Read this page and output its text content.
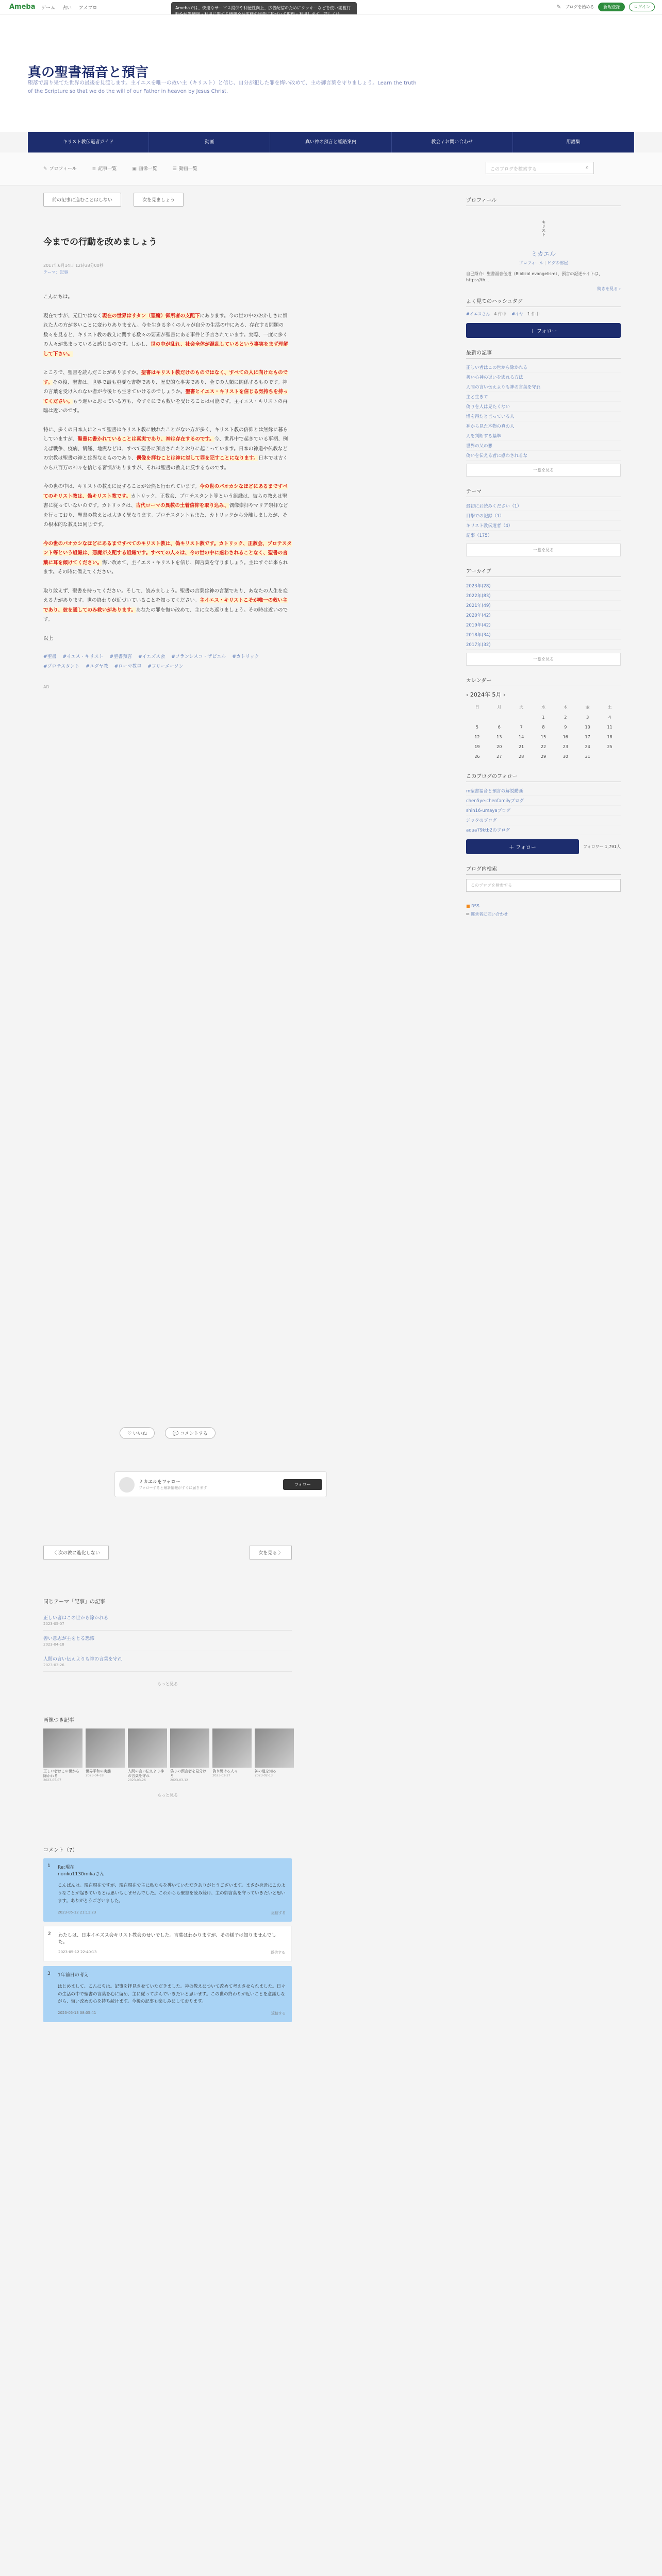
Ameba ゲーム 占い アメブロ	Amebaでは、快適なサービス提供や利便性向上、広告配信のためにクッキーなどを使い閲覧行	✎ ブログを始める	新規登録	ログイン
真の聖書福音と預言
堕落で腐り果てた世界の最後を見渡します。主イエスを唯一の救い主（キリスト）と信じ、自分が犯した罪を悔い改めて、主の御言葉を守りましょう。Learn the truth of the Scripture so that we do the will of our Father in heaven by Jesus Christ.
キリスト教伝道者ガイド	動画	真い神の預言と経路案内	教会 / お問い合わせ	用語集
✎ プロフィール	≡ 記事一覧	▣ 画像一覧	☰ 動画一覧	このブログを検索する	⌕
前の記事に進むことはしない	次を見ましょう
今までの行動を改めましょう
2017年6月14日 12時38分00秒
テーマ：記事

こんにちは。

現在ですが、元旦ではなく現在の世界はサタン（悪魔）御所者の支配下にあります。今の世の中のおかしさに慣れた人の方が多いことに変わりありません。今を生きる多くの人々が自分の生活の中にある、存在する問題の数々を見ると、キリスト教の教えに関する数々の要素が聖書にある事件と予言されています。実際、一度に多くの人々が集まっていると感じるのです。しかし、世の中が乱れ、社会全体が混乱しているという事実をまず理解して下さい。

ところで、聖書を読んだことがありますか。聖書はキリスト教だけのものではなく、すべての人に向けたものです。その後、聖書は、世界で最も重要な書物であり、歴史的な事実であり、全ての人類に関係するものです。神の言葉を受け入れない者が今後とも生きていけるのでしょうか。聖書とイエス・キリストを信じる気持ちを持ってください。もう遅いと思っている方も、今すぐにでも救いを受けることは可能です。主イエス・キリストの再臨は近いのです。

特に、多くの日本人にとって聖書はキリスト教に触れたことがない方が多く、キリスト教の信仰とは無縁に暮らしていますが、聖書に書かれていることは真実であり、神は存在するのです。今、世界中で起きている事柄、例えば戦争、疫病、飢饉、地震などは、すべて聖書に預言されたとおりに起こっています。日本の神道や仏教などの宗教は聖書の神とは異なるものであり、偶像を拝むことは神に対して罪を犯すことになります。日本では古くから八百万の神々を信じる習慣がありますが、それは聖書の教えに反するものです。

今の世の中は、キリストの教えに反することが公然と行われています。今の世のパオカシなほどにあるまですべてのキリスト教は、偽キリスト教です。カトリック、正教会、プロテスタント等という組織は、彼らの教えは聖書に従っていないのです。カトリックは、古代ローマの異教の土着信仰を取り込み、偶像崇拝やマリア崇拝などを行っており、聖書の教えとは大きく異なります。プロテスタントもまた、カトリックから分離しましたが、その根本的な教えは同じです。

今の世のパオカシなほどにあるまですべてのキリスト教は、偽キリスト教です。カトリック、正教会、プロテスタント等という組織は、悪魔が支配する組織です。すべての人々は、今の世の中に惑わされることなく、聖書の言葉に耳を傾けてください。悔い改めて、主イエス・キリストを信じ、御言葉を守りましょう。主はすぐに来られます。その時に備えてください。

取り敢えず、聖書を持ってください。そして、読みましょう。聖書の言葉は神の言葉であり、あなたの人生を変える力があります。世の終わりが近づいていることを知ってください。主イエス・キリストこそが唯一の救い主であり、彼を通してのみ救いがあります。あなたの罪を悔い改めて、主に立ち返りましょう。その時は近いのです。

以上

#聖書 #イエス・キリスト #聖書預言 #イエズス会 #フランシスコ・ザビエル #カトリック
#プロテスタント #ユダヤ教 #ローマ教皇 #フリーメーソン
AD
♡ いいね	💬 コメントする
ミカエルをフォロー
フォローすると最新情報がすぐに届きます
フォロー
〈 次の教に進化しない	次を見る 〉
同じテーマ「記事」の記事
正しい者はこの世から除かれる
2023-05-07
善い意志が主をとる恐怖
2023-04-18
人間の言い伝えよりも神の言葉を守れ
2023-03-26
もっと見る
画像つき記事
正しい者はこの世から除かれる
2023-05-07
世界平和の実態
2023-04-18
人間の言い伝えより神の言葉を守れ
2023-03-26
偽りの預言者を見分けろ
2023-03-12
偽り続ける人々
2023-02-27
神の道を知る
2023-02-13
もっと見る
コメント（7）
1 Re:現在
noriko1130mikaさん
こんばんは。現在現在ですが、現在現在で主に私たちを導いていただきありがとうございます。まさか身近にこのようなことが起きているとは思いもしませんでした。これからも聖書を読み続け、主の御言葉を守っていきたいと思います。ありがとうございました。
2023-05-12 21:11:23	返信する
2 わたしは、日本イエズス会キリスト教会のせいでした。言葉はわかりますが、その様子は知りませんでした。
2023-05-12 22:40:13	返信する
3 1年前日の考え
はじめまして、こんにちは。記事を拝見させていただきました。神の教えについて改めて考えさせられました。日々の生活の中で聖書の言葉を心に留め、主に従って歩んでいきたいと思います。この世の終わりが近いことを意識しながら、悔い改めの心を持ち続けます。今後の記事も楽しみにしております。
2023-05-13 08:05:41	返信する
プロフィール
キリスト
ミカエル
プロフィール | ピグの部屋
自己紹介：聖書福音伝道（Biblical evangelism）、預言の記述サイトは、https://th...
続きを見る ›
よく見てのハッシュタグ
#イエスさん 4 件中 #イヤ 1 件中
＋ フォロー
最新の記事
正しい者はこの世から除かれる
善い心神の災いを逃れる方法
人間の言い伝えよりも神の言葉を守れ
主と生きて
偽りを人は見たくない
憎を得たと言っている人
神から見た本物の真の人
人を判断する基準
世界の父の悪
偽いを伝える者に惑わされるな
一覧を見る
テーマ
最初にお読みください（1）
目撃での記録（1）
キリスト教伝道者（4）
記事（175）
一覧を見る
アーカイブ
2023年(28)
2022年(83)
2021年(49)
2020年(42)
2019年(42)
2018年(34)
2017年(32)
一覧を見る
カレンダー
‹ 2024年 5月 ›
日	月	火	水	木	金	土
			1	2	3	4
5	6	7	8	9	10	11
12	13	14	15	16	17	18
19	20	21	22	23	24	25
26	27	28	29	30	31	
このブログのフォロー
m聖書福音と預言の解説動画
chen5ye-chenfamilyブログ
shin16-umayaブログ
ジッタのブログ
aqua79ktb2のブログ
＋ フォロー	フォロワー 1,791人
ブログ内検索
このブログを検索する
■ RSS
✉ 運営者に問い合わせ
